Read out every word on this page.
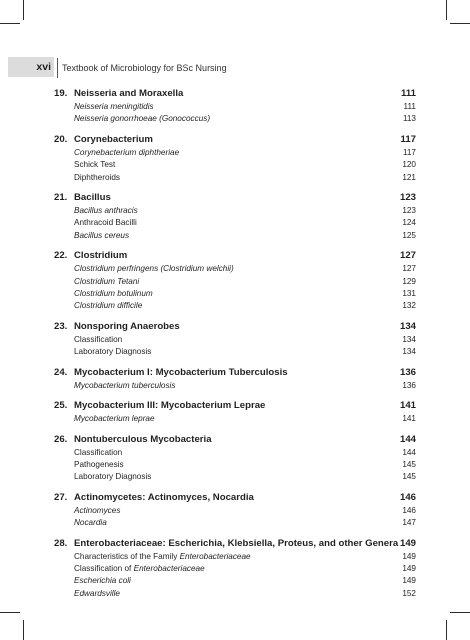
xvi	Textbook of Microbiology for BSc Nursing
19. Neisseria and Moraxella	111
Neisseria meningitidis	111
Neisseria gonorrhoeae (Gonococcus)	113
20. Corynebacterium	117
Corynebacterium diphtheriae	117
Schick Test	120
Diphtheroids	121
21. Bacillus	123
Bacillus anthracis	123
Anthracoid Bacilli	124
Bacillus cereus	125
22. Clostridium	127
Clostridium perfringens (Clostridium welchii)	127
Clostridium Tetani	129
Clostridium botulinum	131
Clostridium difficile	132
23. Nonsporing Anaerobes	134
Classification	134
Laboratory Diagnosis	134
24. Mycobacterium I: Mycobacterium Tuberculosis	136
Mycobacterium tuberculosis	136
25. Mycobacterium III: Mycobacterium Leprae	141
Mycobacterium leprae	141
26. Nontuberculous Mycobacteria	144
Classification	144
Pathogenesis	145
Laboratory Diagnosis	145
27. Actinomycetes: Actinomyces, Nocardia	146
Actinomyces	146
Nocardia	147
28. Enterobacteriaceae: Escherichia, Klebsiella, Proteus, and other Genera 149
Characteristics of the Family Enterobacteriaceae	149
Classification of Enterobacteriaceae	149
Escherichia coli	149
Edwardsville	152
